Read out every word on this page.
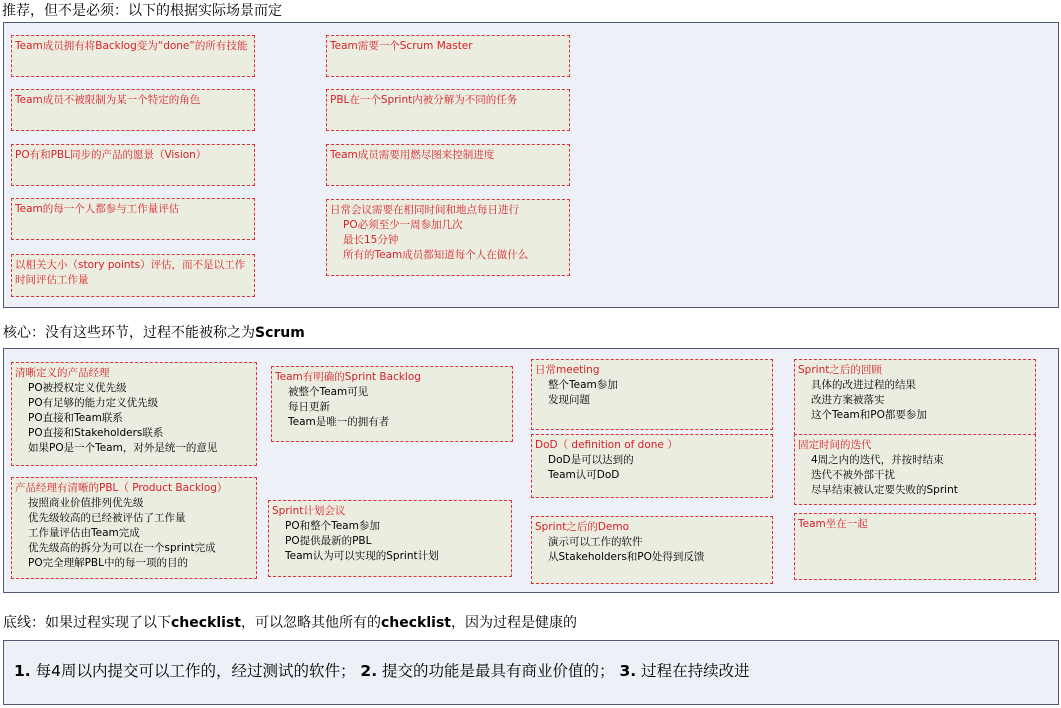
推荐，但不是必须：以下的根据实际场景而定
核心：没有这些环节，过程不能被称之为Scrum
底线：如果过程实现了以下checklist，可以忽略其他所有的checklist，因为过程是健康的
1. 每4周以内提交可以工作的，经过测试的软件； 2. 提交的功能是最具有商业价值的； 3. 过程在持续改进
Team成员拥有将Backlog变为“done”的所有技能
Team成员不被限制为某一个特定的角色
PO有和PBL同步的产品的愿景（Vision）
Team的每一个人都参与工作量评估
以相关大小（story points）评估，而不是以工作时间评估工作量
Team需要一个Scrum Master
PBL在一个Sprint内被分解为不同的任务
Team成员需要用燃尽图来控制进度
日常会议需要在相同时间和地点每日进行
PO必须至少一周参加几次
最长15分钟
所有的Team成员都知道每个人在做什么
清晰定义的产品经理
PO被授权定义优先级
PO有足够的能力定义优先级
PO直接和Team联系
PO直接和Stakeholders联系
如果PO是一个Team，对外是统一的意见
产品经理有清晰的PBL（ Product Backlog）
按照商业价值排列优先级
优先级较高的已经被评估了工作量
工作量评估由Team完成
优先级高的拆分为可以在一个sprint完成
PO完全理解PBL中的每一项的目的
Team有明确的Sprint Backlog
被整个Team可见
每日更新
Team是唯一的拥有者
Sprint计划会议
PO和整个Team参加
PO提供最新的PBL
Team认为可以实现的Sprint计划
日常meeting
整个Team参加
发现问题
DoD（ definition of done ）
DoD是可以达到的
Team认可DoD
Sprint之后的Demo
演示可以工作的软件
从Stakeholders和PO处得到反馈
Sprint之后的回顾
具体的改进过程的结果
改进方案被落实
这个Team和PO都要参加
固定时间的迭代
4周之内的迭代，并按时结束
迭代不被外部干扰
尽早结束被认定要失败的Sprint
Team坐在一起
